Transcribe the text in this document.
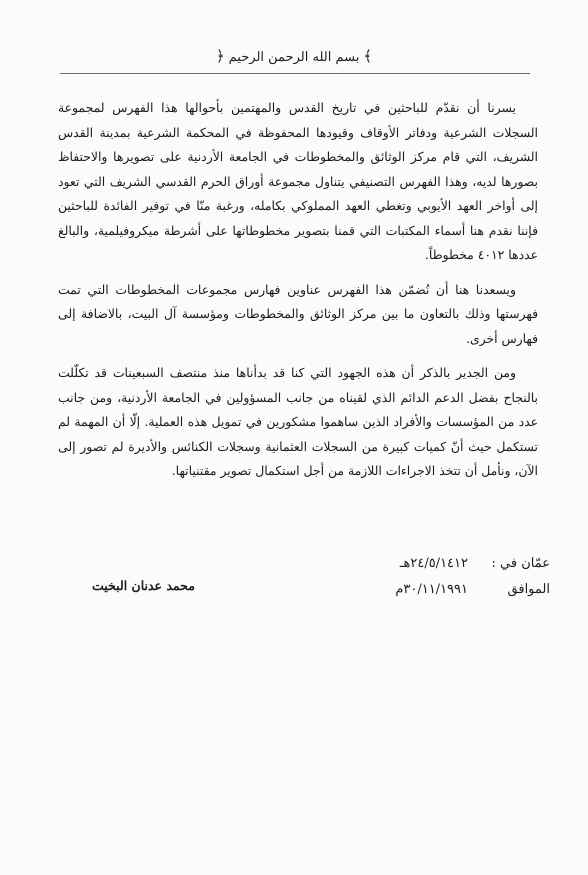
﴾بسم الله الرحمن الرحيم﴿

يسرنا أن نقدّم للباحثين في تاريخ القدس والمهتمين بأحوالها هذا الفهرس لمجموعة السجلات الشرعية ودفاتر الأوقاف وقيودها المحفوظة في المحكمة الشرعية بمدينة القدس الشريف، التي قام مركز الوثائق والمخطوطات في الجامعة الأردنية على تصويرها والاحتفاظ بصورها لديه، وهذا الفهرس التصنيفي يتناول مجموعة أوراق الحرم القدسي الشريف التي تعود إلى أواخر العهد الأيوبي وتغطي العهد المملوكي بكامله، ورغبة منّا في توفير الفائدة للباحثين فإننا نقدم هنا أسماء المكتبات التي قمنا بتصوير مخطوطاتها على أشرطة ميكروفيلمية، والبالغ عددها ٤٠١٢ مخطوطاً.

ويسعدنا هنا أن نُضمّن هذا الفهرس عناوين فهارس مجموعات المخطوطات التي تمت فهرستها وذلك بالتعاون ما بين مركز الوثائق والمخطوطات ومؤسسة آل البيت، بالاضافة إلى فهارس أخرى.

ومن الجدير بالذكر أن هذه الجهود التي كنا قد بدأناها منذ منتصف السبعينات قد تكلّلت بالنجاح بفضل الدعم الدائم الذي لقيناه من جانب المسؤولين في الجامعة الأردنية، ومن جانب عدد من المؤسسات والأفراد الذين ساهموا مشكورين في تمويل هذه العملية. إلّا أن المهمة لم تستكمل حيث أنّ كميات كبيرة من السجلات العثمانية وسجلات الكنائس والأديرة لم تصور إلى الآن، ونأمل أن تتخذ الاجراءات اللازمة من أجل استكمال تصوير مقتنياتها.

عمّان في :٢٤/٥/١٤١٢هـ
الموافق٣٠/١١/١٩٩١م
محمد عدنان البخيت
